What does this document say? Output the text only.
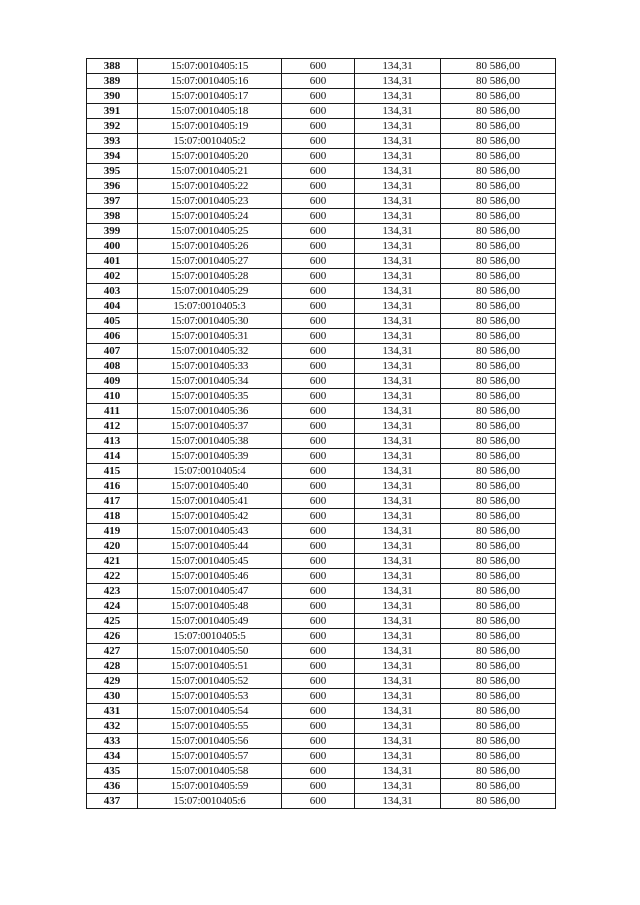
388	15:07:0010405:15	600	134,31	80 586,00
389	15:07:0010405:16	600	134,31	80 586,00
390	15:07:0010405:17	600	134,31	80 586,00
391	15:07:0010405:18	600	134,31	80 586,00
392	15:07:0010405:19	600	134,31	80 586,00
393	15:07:0010405:2	600	134,31	80 586,00
394	15:07:0010405:20	600	134,31	80 586,00
395	15:07:0010405:21	600	134,31	80 586,00
396	15:07:0010405:22	600	134,31	80 586,00
397	15:07:0010405:23	600	134,31	80 586,00
398	15:07:0010405:24	600	134,31	80 586,00
399	15:07:0010405:25	600	134,31	80 586,00
400	15:07:0010405:26	600	134,31	80 586,00
401	15:07:0010405:27	600	134,31	80 586,00
402	15:07:0010405:28	600	134,31	80 586,00
403	15:07:0010405:29	600	134,31	80 586,00
404	15:07:0010405:3	600	134,31	80 586,00
405	15:07:0010405:30	600	134,31	80 586,00
406	15:07:0010405:31	600	134,31	80 586,00
407	15:07:0010405:32	600	134,31	80 586,00
408	15:07:0010405:33	600	134,31	80 586,00
409	15:07:0010405:34	600	134,31	80 586,00
410	15:07:0010405:35	600	134,31	80 586,00
411	15:07:0010405:36	600	134,31	80 586,00
412	15:07:0010405:37	600	134,31	80 586,00
413	15:07:0010405:38	600	134,31	80 586,00
414	15:07:0010405:39	600	134,31	80 586,00
415	15:07:0010405:4	600	134,31	80 586,00
416	15:07:0010405:40	600	134,31	80 586,00
417	15:07:0010405:41	600	134,31	80 586,00
418	15:07:0010405:42	600	134,31	80 586,00
419	15:07:0010405:43	600	134,31	80 586,00
420	15:07:0010405:44	600	134,31	80 586,00
421	15:07:0010405:45	600	134,31	80 586,00
422	15:07:0010405:46	600	134,31	80 586,00
423	15:07:0010405:47	600	134,31	80 586,00
424	15:07:0010405:48	600	134,31	80 586,00
425	15:07:0010405:49	600	134,31	80 586,00
426	15:07:0010405:5	600	134,31	80 586,00
427	15:07:0010405:50	600	134,31	80 586,00
428	15:07:0010405:51	600	134,31	80 586,00
429	15:07:0010405:52	600	134,31	80 586,00
430	15:07:0010405:53	600	134,31	80 586,00
431	15:07:0010405:54	600	134,31	80 586,00
432	15:07:0010405:55	600	134,31	80 586,00
433	15:07:0010405:56	600	134,31	80 586,00
434	15:07:0010405:57	600	134,31	80 586,00
435	15:07:0010405:58	600	134,31	80 586,00
436	15:07:0010405:59	600	134,31	80 586,00
437	15:07:0010405:6	600	134,31	80 586,00
